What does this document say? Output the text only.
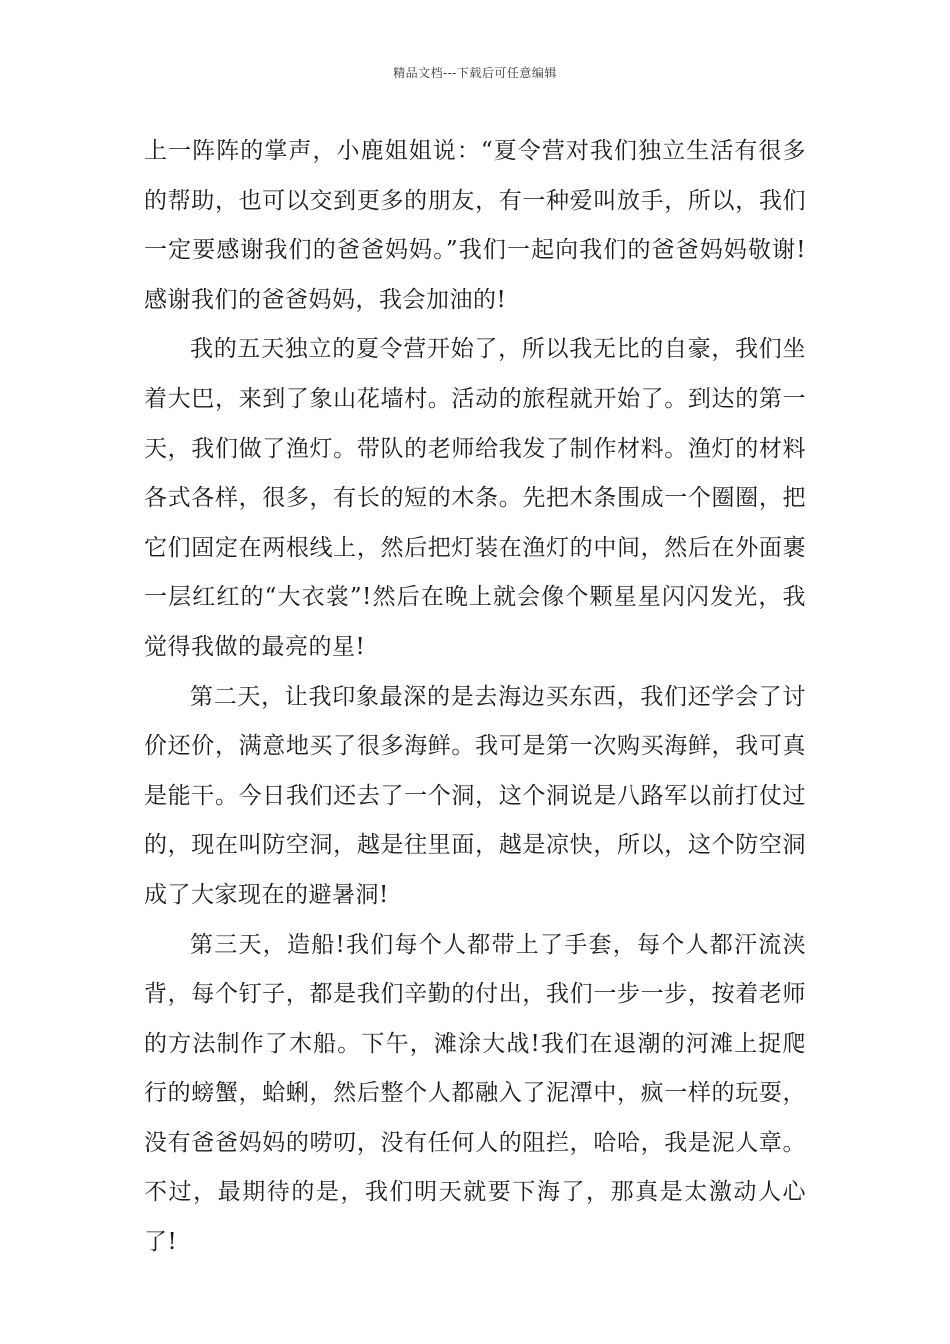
精品文档---下载后可任意编辑

上一阵阵的掌声，小鹿姐姐说：“夏令营对我们独立生活有很多的帮助，也可以交到更多的朋友，有一种爱叫放手，所以，我们一定要感谢我们的爸爸妈妈。”我们一起向我们的爸爸妈妈敬谢!感谢我们的爸爸妈妈，我会加油的!

我的五天独立的夏令营开始了，所以我无比的自豪，我们坐着大巴，来到了象山花墙村。活动的旅程就开始了。到达的第一天，我们做了渔灯。带队的老师给我发了制作材料。渔灯的材料各式各样，很多，有长的短的木条。先把木条围成一个圈圈，把它们固定在两根线上，然后把灯装在渔灯的中间，然后在外面裹一层红红的“大衣裳”!然后在晚上就会像个颗星星闪闪发光，我觉得我做的最亮的星!

第二天，让我印象最深的是去海边买东西，我们还学会了讨价还价，满意地买了很多海鲜。我可是第一次购买海鲜，我可真是能干。今日我们还去了一个洞，这个洞说是八路军以前打仗过的，现在叫防空洞，越是往里面，越是凉快，所以，这个防空洞成了大家现在的避暑洞!

第三天，造船!我们每个人都带上了手套，每个人都汗流浃背，每个钉子，都是我们辛勤的付出，我们一步一步，按着老师的方法制作了木船。下午，滩涂大战!我们在退潮的河滩上捉爬行的螃蟹，蛤蜊，然后整个人都融入了泥潭中，疯一样的玩耍，没有爸爸妈妈的唠叨，没有任何人的阻拦，哈哈，我是泥人章。不过，最期待的是，我们明天就要下海了，那真是太激动人心了!
